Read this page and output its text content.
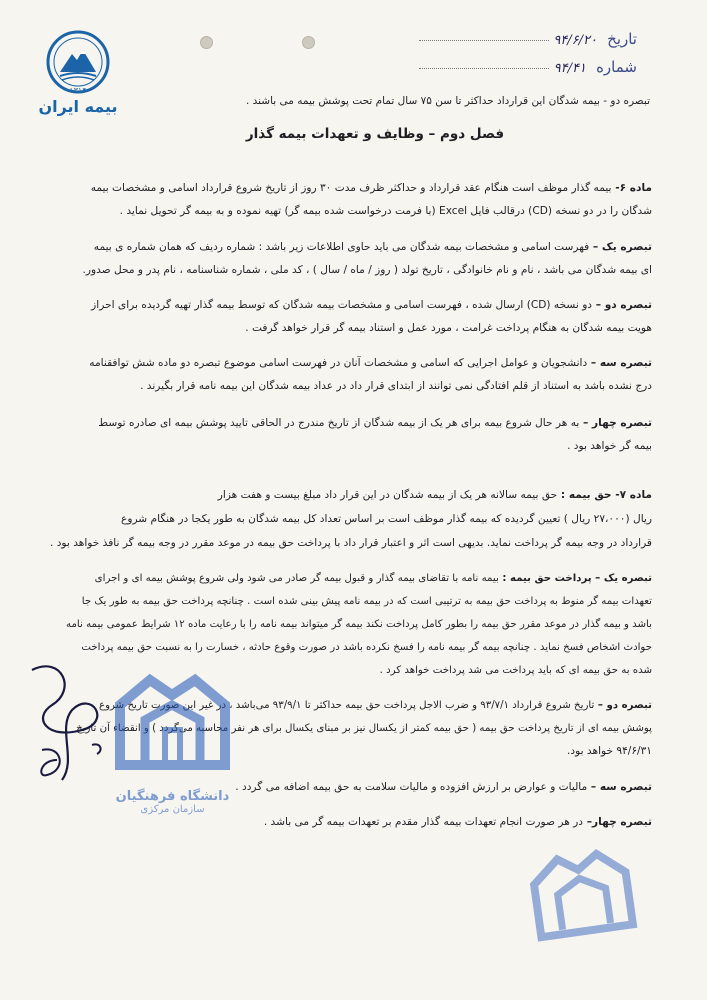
۱۳۱۴
بیمه ایران
تاریخ ۹۴/۶/۲۰
شماره ۹۴/۴۱
تبصره دو - بیمه شدگان این قرارداد حداکثر تا سن ۷۵ سال تمام تحت پوشش بیمه می باشند .
فصل دوم – وظایف و تعهدات بیمه گذار
ماده ۶- بیمه گذار موظف است هنگام عقد قرارداد و حداکثر ظرف مدت ۳۰ روز از تاریخ شروع قرارداد اسامی و مشخصات بیمه
شدگان را در دو نسخه (CD) درقالب فایل Excel (با فرمت درخواست شده بیمه گر) تهیه نموده و به بیمه گر تحویل نماید .
تبصره یک – فهرست اسامی و مشخصات بیمه شدگان می باید حاوی اطلاعات زیر باشد : شماره ردیف که همان شماره ی بیمه
ای بیمه شدگان می باشد ، نام و نام خانوادگی ، تاریخ تولد ( روز / ماه / سال ) ، کد ملی ، شماره شناسنامه ، نام پدر و محل صدور.
تبصره دو – دو نسخه (CD) ارسال شده ، فهرست اسامی و مشخصات بیمه شدگان که توسط بیمه گذار تهیه گردیده برای احراز
هویت بیمه شدگان به هنگام پرداخت غرامت ، مورد عمل و استناد بیمه گر قرار خواهد گرفت .
تبصره سه – دانشجویان و عوامل اجرایی که اسامی و مشخصات آنان در فهرست اسامی موضوع تبصره دو ماده شش توافقنامه
درج نشده باشد به استناد از قلم افتادگی نمی توانند از ابتدای قرار داد در عداد بیمه شدگان این بیمه نامه قرار بگیرند .
تبصره چهار – به هر حال شروع بیمه برای هر یک از بیمه شدگان از تاریخ مندرج در الحاقی تایید پوشش بیمه ای صادره توسط
بیمه گر خواهد بود .
ماده ۷- حق بیمه : حق بیمه سالانه هر یک از بیمه شدگان در این قرار داد مبلغ بیست و هفت هزار
ریال (۲۷،۰۰۰ ریال ) تعیین گردیده که بیمه گذار موظف است بر اساس تعداد کل بیمه شدگان به طور یکجا در هنگام شروع
قرارداد در وجه بیمه گر پرداخت نماید. بدیهی است اثر و اعتبار قرار داد با پرداخت حق بیمه در موعد مقرر در وجه بیمه گر نافذ خواهد بود .
تبصره یک – پرداخت حق بیمه : بیمه نامه با تقاضای بیمه گذار و قبول بیمه گر صادر می شود ولی شروع پوشش بیمه ای و اجرای
تعهدات بیمه گر منوط به پرداخت حق بیمه به ترتیبی است که در بیمه نامه پیش بینی شده است . چنانچه پرداخت حق بیمه به طور یک جا
باشد و بیمه گذار در موعد مقرر حق بیمه را بطور کامل پرداخت نکند بیمه گر میتواند بیمه نامه را با رعایت ماده ۱۲ شرایط عمومی بیمه نامه
حوادث اشخاص فسخ نماید . چنانچه بیمه گر بیمه نامه را فسخ نکرده باشد در صورت وقوع حادثه ، خسارت را به نسبت حق بیمه پرداخت
شده به حق بیمه ای که باید پرداخت می شد پرداخت خواهد کرد .
تبصره دو – تاریخ شروع قرارداد ۹۳/۷/۱ و ضرب الاجل پرداخت حق بیمه حداکثر تا ۹۳/۹/۱ می‌باشد ، در غیر این صورت تاریخ شروع
پوشش بیمه ای از تاریخ پرداخت حق بیمه ( حق بیمه کمتر از یکسال نیز بر مبنای یکسال برای هر نفر محاسبه می‌گردد ) و انقضاء آن تاریخ
۹۴/۶/۳۱ خواهد بود.
تبصره سه – مالیات و عوارض بر ارزش افزوده و مالیات سلامت به حق بیمه اضافه می گردد .
تبصره چهار– در هر صورت انجام تعهدات بیمه گذار مقدم بر تعهدات بیمه گر می باشد .
دانشگاه فرهنگیان
سازمان مرکزی
